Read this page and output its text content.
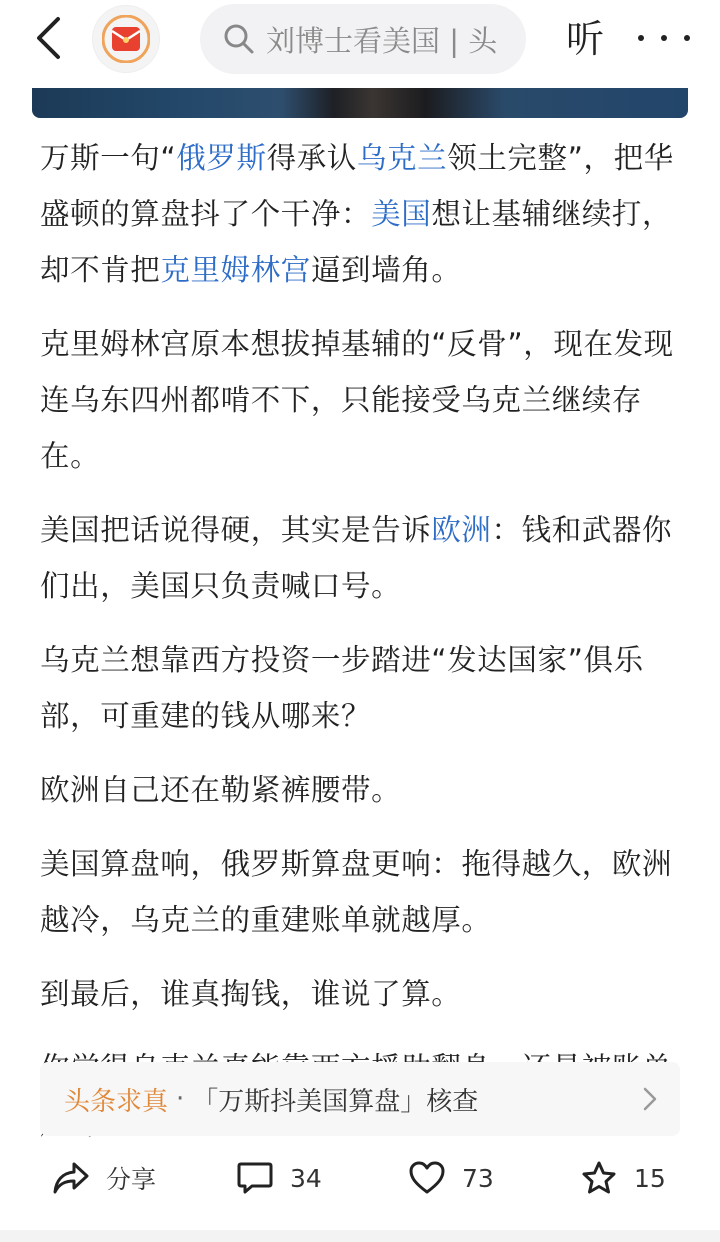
刘博士看美国 | 头 听

万斯一句“俄罗斯得承认乌克兰领土完整”，把华盛顿的算盘抖了个干净：美国想让基辅继续打，却不肯把克里姆林宫逼到墙角。

克里姆林宫原本想拔掉基辅的“反骨”，现在发现连乌东四州都啃不下，只能接受乌克兰继续存在。

美国把话说得硬，其实是告诉欧洲：钱和武器你们出，美国只负责喊口号。

乌克兰想靠西方投资一步踏进“发达国家”俱乐部，可重建的钱从哪来？

欧洲自己还在勒紧裤腰带。

美国算盘响，俄罗斯算盘更响：拖得越久，欧洲越冷，乌克兰的重建账单就越厚。

到最后，谁真掏钱，谁说了算。

头条求真 · 「万斯抖美国算盘」核查
分享	34	73	15
